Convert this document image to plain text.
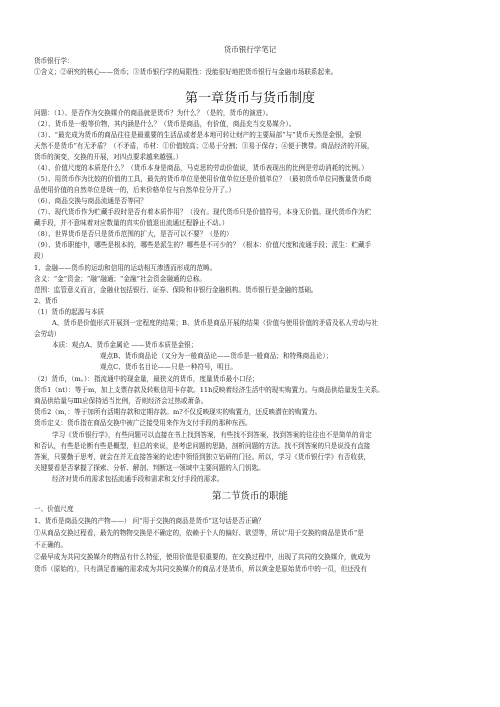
货币银行学笔记
货币银行学：
①含义；②研究的核心——货币；③货币银行学的局限性：没能很好地把货币银行与金融市场联系起来。
第一章货币与货币制度
问题：（1）、是否作为交换媒介的商品就是货币？为什么？（是的，货币的演进）。
（2）、货币是一般等价物，其内涵是什么？（货币是商品，有价值，商品充当交易媒介）。
（3）、“最充成为货币的商品往往是最重要的生活品或者是本地可转让财产的主要局部”与“货币天然是金银，金银
天然不是货币”有无矛盾？（不矛盾，币材：①价值较高；②易于分割；③易于保存；④便于携带。商品经济的开展，
货币的演变，交换的开展，对四点要求越来越强。）
（4）、价值尺度的本质是什么？（货币本身是商品，马克思的劳动价值说，货币表现出的比例是劳动消耗的比例。）
（5）、用货币作为比较的价值的工具，最先的货币单位是使用价值单位还是价值单位？（最初货币单位同衡量货币商
品使用价值的自然单位是统一的，后来价格单位与自然单位分开了。）
（6）、商品交换与商品流通是否等同？
（7）、现代货币作为贮藏手段时是否有着本质作用？（没有。现代货币只是价值符号，本身无价值。现代货币作为贮
藏手段，并不意味着对应数量的真实价值退出流通过程静止不动。）
（8）、世界货币是否只是货币范围的扩大，是否可以不要？（是的）
（9）、货币职能中，哪些是根本的，哪些是派生的？哪些是不可少的？（根本：价值尺度和流通手段；派生：贮藏手
段）
1、金融——货币的运动和信用的运动相互渗透而形成的范畴。
含义：“金”资金；“融”融通；“金融”社会资金融通的总称。
范围：监管意义而言，金融业包括银行、证券、保险和非银行金融机构。货币银行是金融的基础。
2、货币
（1）货币的起源与本质
A、货币是价值形式开展到一定程度的结果；B、货币是商品开展的结果（价值与使用价值的矛盾及私人劳动与社
会劳动）
本质：观点A、货币金属论 ——货币本质是金银；
观点B、货币商品论（又分为一般商品论——货币是一般商品；和特殊商品论）；
观点C、货币名目论——只是一种符号，明目。
（2）货币，（m。）：指流通中的现金量，最狭义的货币，度量货币最小口径；
货币1（nt）：等于m，加上支票存款及转帐信用卡存款。11h反映着经济生活中的现实购置力。与商品供给量发生关系。
商品供给量与Ⅲl应保持适当比例，否则经济会过热或萧条。
货币2（m，：等于加所有活期存款和定期存款。m?不仅反映现实的购置力，还反映潜在的购置力。
货币定义：货币指在商品交换中被广泛接受用来作为支付手段的那种东西。
学习《货币银行学》，有些问题可以直接在书上找到答案，有些找不到答案，找到答案的往往也不是简单的肯定
和否认，有些是论断有些是概型，但总的来说，是考虑问题的思路，剖析问题的方法。找不到答案的只是说没有直接
答案，只要勤于思考，就会在并无直接答案的论述中领悟到独立钻研的门径。所以，学习《货币银行学》有否收获，
关键要看是否掌握了探索、分析、解剖、判断这一领域中主要问题的入门钥匙。
经济对货币的需求包括流通手段和需求和支付手段的需求。
第二节货币的职能
一、价值尺度
1、货币是商品交换的产物——） 问“用于交换的商品是货币”这句话是否正确？
①从商品交换过程看，最先的物物交换是不确定的，依赖于个人的偏好、欲望等，所以“用于交换的商品是货币”是
不正确的。
②最早成为共同交换媒介的物品有什么特征，使用价值是很重要的，在交换过程中，出现了共同的交换媒介，就成为
货币（原始的），只有满足普遍的需求成为共同交换媒介的商品才是货币，所以黄金是原始货币中的一员，但还没有
